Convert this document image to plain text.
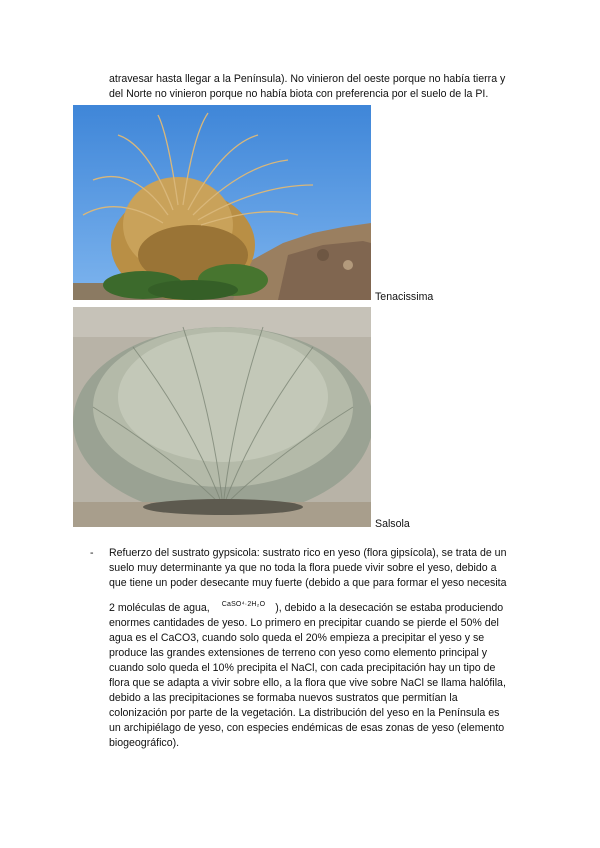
atravesar hasta llegar a la Península). No vinieron del oeste porque no había tierra y
del Norte no vinieron porque no había biota con preferencia por el suelo de la PI.
Tenacissima
Salsola
- Refuerzo del sustrato gypsicola: sustrato rico en yeso (flora gipsícola), se trata de un
suelo muy determinante ya que no toda la flora puede vivir sobre el yeso, debido a
que tiene un poder desecante muy fuerte (debido a que para formar el yeso necesita
2 moléculas de agua, CaSO⁴·2H₂O ), debido a la desecación se estaba produciendo
enormes cantidades de yeso. Lo primero en precipitar cuando se pierde el 50% del
agua es el CaCO3, cuando solo queda el 20% empieza a precipitar el yeso y se
produce las grandes extensiones de terreno con yeso como elemento principal y
cuando solo queda el 10% precipita el NaCl, con cada precipitación hay un tipo de
flora que se adapta a vivir sobre ello, a la flora que vive sobre NaCl se llama halófila,
debido a las precipitaciones se formaba nuevos sustratos que permitían la
colonización por parte de la vegetación. La distribución del yeso en la Península es
un archipiélago de yeso, con especies endémicas de esas zonas de yeso (elemento
biogeográfico).
